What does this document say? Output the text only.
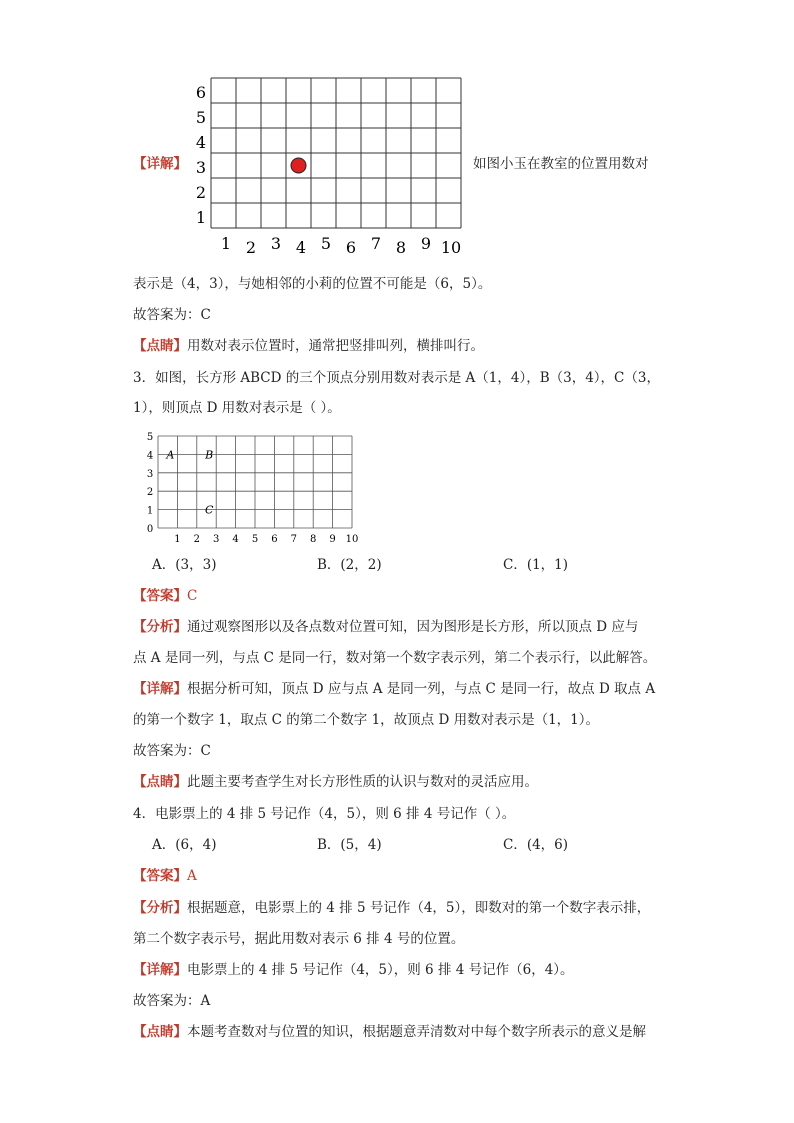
【详解】
1
2
3
4
5
6
1 2 3 4 5 6 7 8 9 10
如图小玉在教室的位置用数对
表示是（4，3），与她相邻的小莉的位置不可能是（6，5）。
故答案为：C
【点睛】用数对表示位置时，通常把竖排叫列，横排叫行。
3．如图，长方形 ABCD 的三个顶点分别用数对表示是 A（1，4），B（3，4），C（3，
1），则顶点 D 用数对表示是（ ）。
0
1
2
3
4
5
1 2 3 4 5 6 7 8 9 10
A	B
C
A．(3，3)	B．(2，2)	C．(1，1)
【答案】C
【分析】通过观察图形以及各点数对位置可知，因为图形是长方形，所以顶点 D 应与
点 A 是同一列，与点 C 是同一行，数对第一个数字表示列，第二个表示行，以此解答。
【详解】根据分析可知，顶点 D 应与点 A 是同一列，与点 C 是同一行，故点 D 取点 A
的第一个数字 1，取点 C 的第二个数字 1，故顶点 D 用数对表示是（1，1）。
故答案为：C
【点睛】此题主要考查学生对长方形性质的认识与数对的灵活应用。
4．电影票上的 4 排 5 号记作（4，5），则 6 排 4 号记作（ ）。
A．(6，4)	B．(5，4)	C．(4，6)
【答案】A
【分析】根据题意，电影票上的 4 排 5 号记作（4，5），即数对的第一个数字表示排，
第二个数字表示号，据此用数对表示 6 排 4 号的位置。
【详解】电影票上的 4 排 5 号记作（4，5），则 6 排 4 号记作（6，4）。
故答案为：A
【点睛】本题考查数对与位置的知识，根据题意弄清数对中每个数字所表示的意义是解
